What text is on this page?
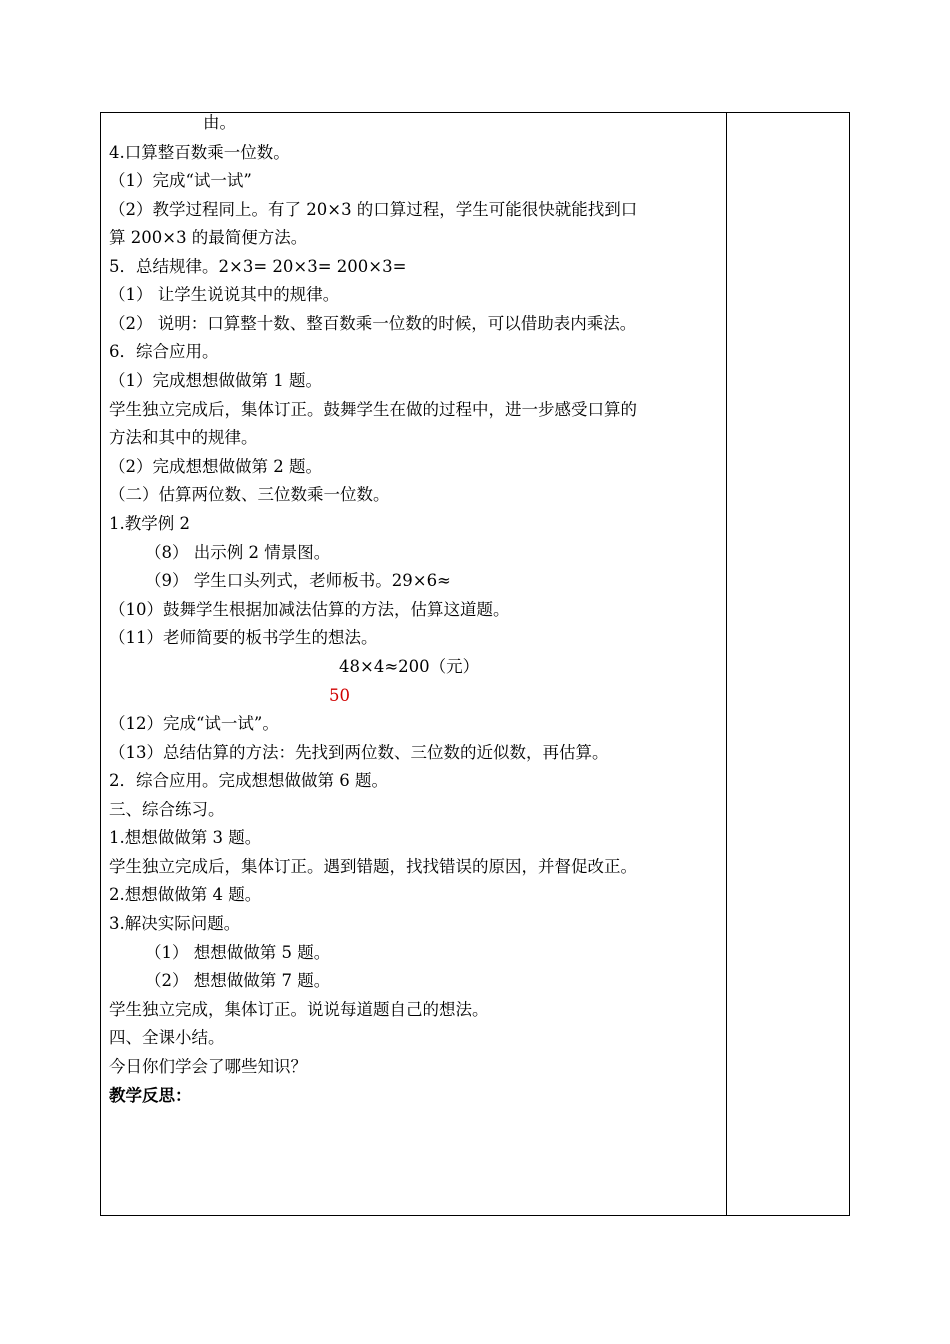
由。
4.口算整百数乘一位数。
（1）完成“试一试”
（2）教学过程同上。有了 20×3 的口算过程，学生可能很快就能找到口
算 200×3 的最简便方法。
5．总结规律。2×3= 20×3= 200×3=
（1） 让学生说说其中的规律。
（2） 说明：口算整十数、整百数乘一位数的时候，可以借助表内乘法。
6．综合应用。
（1）完成想想做做第 1 题。
学生独立完成后，集体订正。鼓舞学生在做的过程中，进一步感受口算的
方法和其中的规律。
（2）完成想想做做第 2 题。
（二）估算两位数、三位数乘一位数。
1.教学例 2
（8） 出示例 2 情景图。
（9） 学生口头列式，老师板书。29×6≈
（10）鼓舞学生根据加减法估算的方法，估算这道题。
（11）老师简要的板书学生的想法。
48×4≈200（元）
50
（12）完成“试一试”。
（13）总结估算的方法：先找到两位数、三位数的近似数，再估算。
2．综合应用。完成想想做做第 6 题。
三、综合练习。
1.想想做做第 3 题。
学生独立完成后，集体订正。遇到错题，找找错误的原因，并督促改正。
2.想想做做第 4 题。
3.解决实际问题。
（1） 想想做做第 5 题。
（2） 想想做做第 7 题。
学生独立完成，集体订正。说说每道题自己的想法。
四、全课小结。
今日你们学会了哪些知识？
教学反思：
